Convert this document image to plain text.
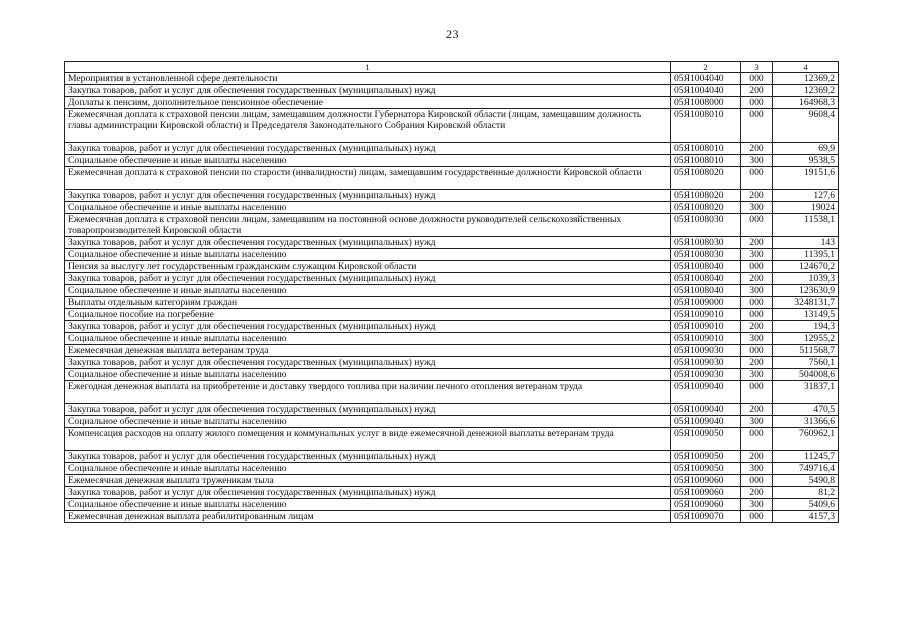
23
1	2	3	4
Мероприятия в установленной сфере деятельности	05Я1004040	000	12369,2
Закупка товаров, работ и услуг для обеспечения государственных (муниципальных) нужд	05Я1004040	200	12369,2
Доплаты к пенсиям, дополнительное пенсионное обеспечение	05Я1008000	000	164968,3
Ежемесячная доплата к страховой пенсии лицам, замещавшим должности Губернатора Кировской области (лицам, замещавшим должность главы администрации Кировской области) и Председателя Законодательного Собрания Кировской области	05Я1008010	000	9608,4
Закупка товаров, работ и услуг для обеспечения государственных (муниципальных) нужд	05Я1008010	200	69,9
Социальное обеспечение и иные выплаты населению	05Я1008010	300	9538,5
Ежемесячная доплата к страховой пенсии по старости (инвалидности) лицам, замещавшим государственные должности Кировской области	05Я1008020	000	19151,6
Закупка товаров, работ и услуг для обеспечения государственных (муниципальных) нужд	05Я1008020	200	127,6
Социальное обеспечение и иные выплаты населению	05Я1008020	300	19024
Ежемесячная доплата к страховой пенсии лицам, замещавшим на постоянной основе должности руководителей сельскохозяйственных товаропроизводителей Кировской области	05Я1008030	000	11538,1
Закупка товаров, работ и услуг для обеспечения государственных (муниципальных) нужд	05Я1008030	200	143
Социальное обеспечение и иные выплаты населению	05Я1008030	300	11395,1
Пенсия за выслугу лет государственным гражданским служащим Кировской области	05Я1008040	000	124670,2
Закупка товаров, работ и услуг для обеспечения государственных (муниципальных) нужд	05Я1008040	200	1039,3
Социальное обеспечение и иные выплаты населению	05Я1008040	300	123630,9
Выплаты отдельным категориям граждан	05Я1009000	000	3248131,7
Социальное пособие на погребение	05Я1009010	000	13149,5
Закупка товаров, работ и услуг для обеспечения государственных (муниципальных) нужд	05Я1009010	200	194,3
Социальное обеспечение и иные выплаты населению	05Я1009010	300	12955,2
Ежемесячная денежная выплата ветеранам труда	05Я1009030	000	511568,7
Закупка товаров, работ и услуг для обеспечения государственных (муниципальных) нужд	05Я1009030	200	7560,1
Социальное обеспечение и иные выплаты населению	05Я1009030	300	504008,6
Ежегодная денежная выплата на приобретение и доставку твердого топлива при наличии печного отопления ветеранам труда	05Я1009040	000	31837,1
Закупка товаров, работ и услуг для обеспечения государственных (муниципальных) нужд	05Я1009040	200	470,5
Социальное обеспечение и иные выплаты населению	05Я1009040	300	31366,6
Компенсация расходов на оплату жилого помещения и коммунальных услуг в виде ежемесячной денежной выплаты ветеранам труда	05Я1009050	000	760962,1
Закупка товаров, работ и услуг для обеспечения государственных (муниципальных) нужд	05Я1009050	200	11245,7
Социальное обеспечение и иные выплаты населению	05Я1009050	300	749716,4
Ежемесячная денежная выплата труженикам тыла	05Я1009060	000	5490,8
Закупка товаров, работ и услуг для обеспечения государственных (муниципальных) нужд	05Я1009060	200	81,2
Социальное обеспечение и иные выплаты населению	05Я1009060	300	5409,6
Ежемесячная денежная выплата реабилитированным лицам	05Я1009070	000	4157,3
